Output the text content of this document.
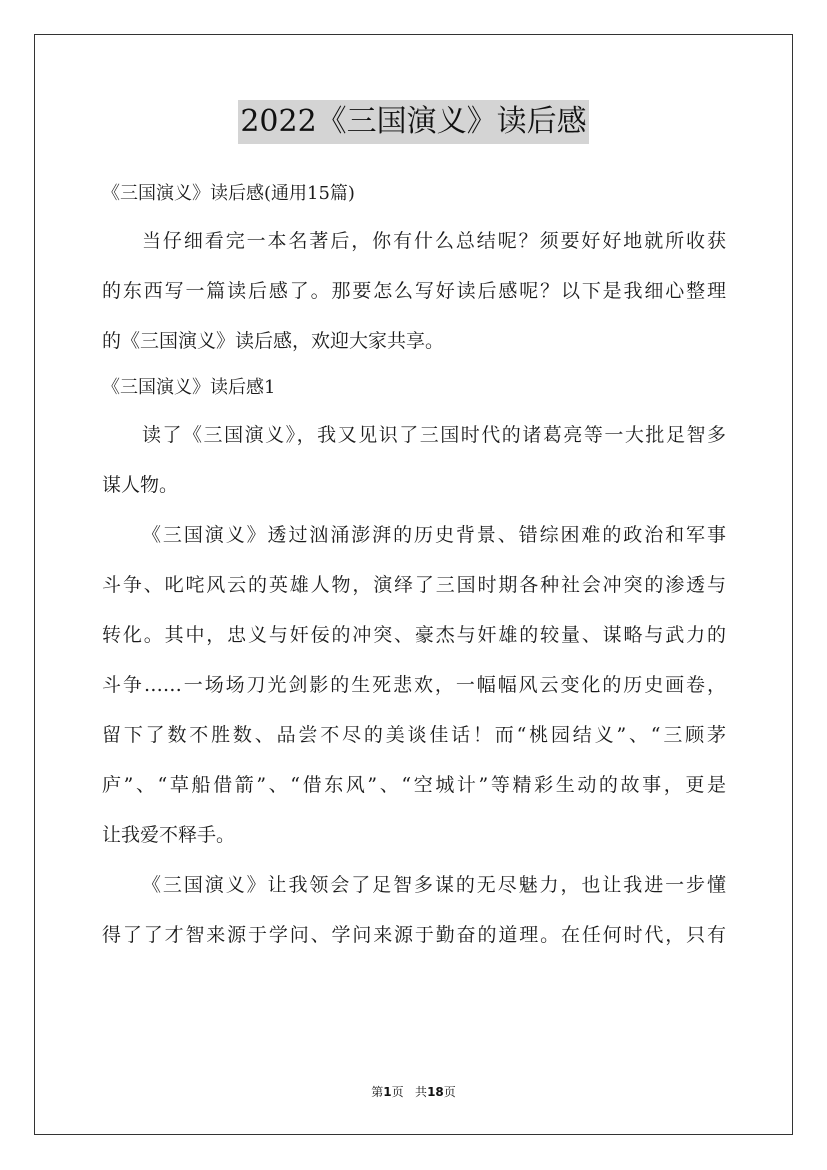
2022《三国演义》读后感
《三国演义》读后感(通用15篇)
当仔细看完一本名著后，你有什么总结呢？须要好好地就所收获
的东西写一篇读后感了。那要怎么写好读后感呢？以下是我细心整理
的《三国演义》读后感，欢迎大家共享。
《三国演义》读后感1
读了《三国演义》，我又见识了三国时代的诸葛亮等一大批足智多
谋人物。
《三国演义》透过汹涌澎湃的历史背景、错综困难的政治和军事
斗争、叱咤风云的英雄人物，演绎了三国时期各种社会冲突的渗透与
转化。其中，忠义与奸佞的冲突、豪杰与奸雄的较量、谋略与武力的
斗争……一场场刀光剑影的生死悲欢，一幅幅风云变化的历史画卷，
留下了数不胜数、品尝不尽的美谈佳话！而“桃园结义”、“三顾茅
庐”、“草船借箭”、“借东风”、“空城计”等精彩生动的故事，更是
让我爱不释手。
《三国演义》让我领会了足智多谋的无尽魅力，也让我进一步懂
得了了才智来源于学问、学问来源于勤奋的道理。在任何时代，只有
第1页 共18页
